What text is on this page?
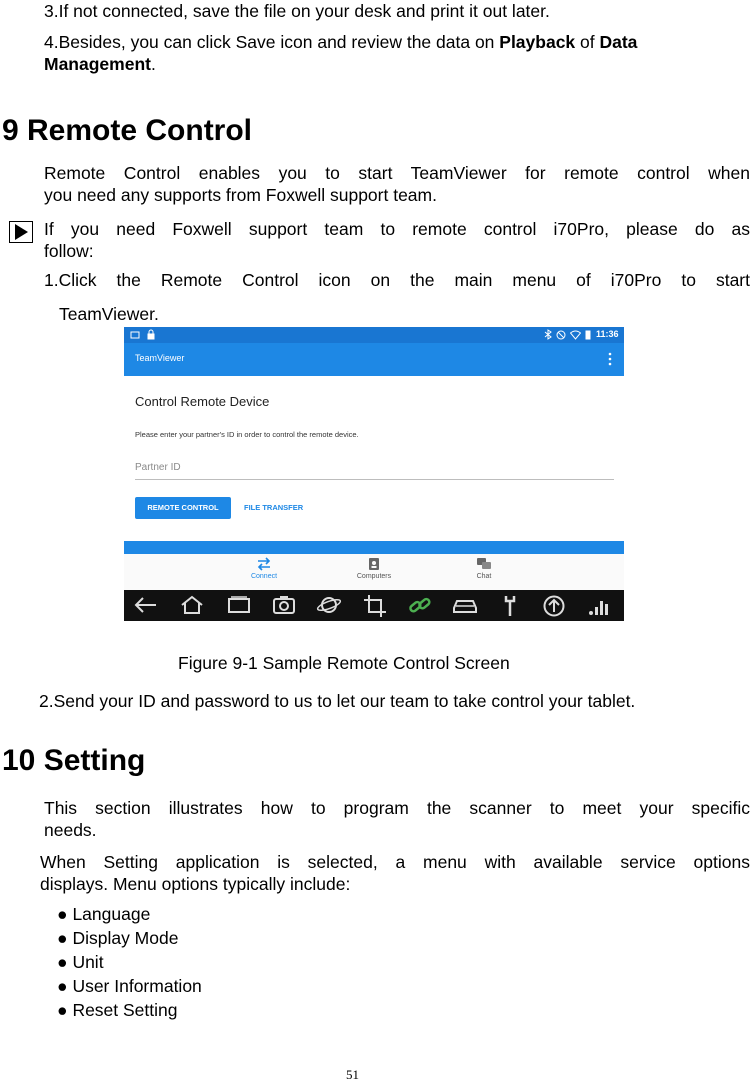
3.If not connected, save the file on your desk and print it out later.
4.Besides, you can click Save icon and review the data on Playback of Data
Management.
9 Remote Control
Remote Control enables you to start TeamViewer for remote control when
you need any supports from Foxwell support team.
If you need Foxwell support team to remote control i70Pro, please do as
follow:
1.Click the Remote Control icon on the main menu of i70Pro to start
TeamViewer.
11:36
TeamViewer
Control Remote Device
Please enter your partner's ID in order to control the remote device.
Partner ID
REMOTE CONTROL	FILE TRANSFER
Connect	Computers	Chat
Figure 9-1 Sample Remote Control Screen
2.Send your ID and password to us to let our team to take control your tablet.
10 Setting
This section illustrates how to program the scanner to meet your specific
needs.
When Setting application is selected, a menu with available service options
displays. Menu options typically include:
● Language
● Display Mode
● Unit
● User Information
● Reset Setting
51
